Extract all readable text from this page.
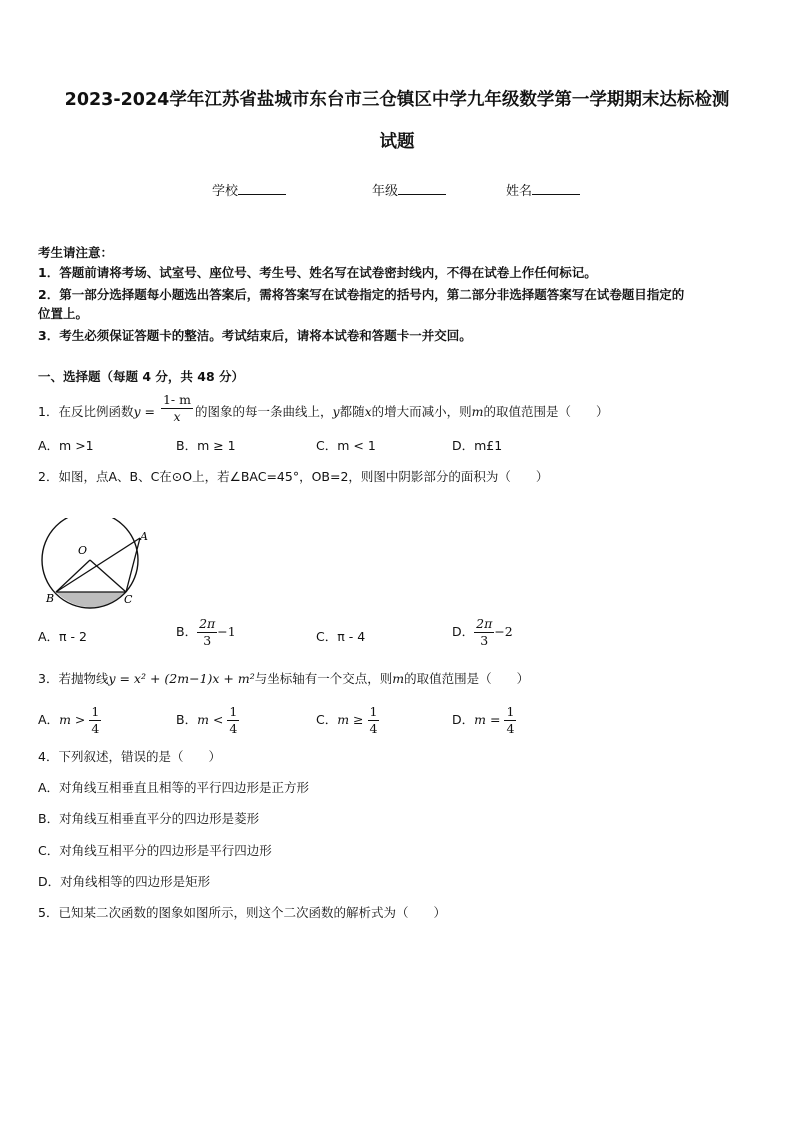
2023-2024学年江苏省盐城市东台市三仓镇区中学九年级数学第一学期期末达标检测
试题
学校	年级	姓名
考生请注意：
1．答题前请将考场、试室号、座位号、考生号、姓名写在试卷密封线内，不得在试卷上作任何标记。
2．第一部分选择题每小题选出答案后，需将答案写在试卷指定的括号内，第二部分非选择题答案写在试卷题目指定的
位置上。
3．考生必须保证答题卡的整洁。考试结束后，请将本试卷和答题卡一并交回。
一、选择题（每题 4 分，共 48 分）
1．在反比例函数$y = \frac{1- m}{x}$ 的图象的每一条曲线上，y都随x的增大而减小，则m的取值范围是（　　）
A．m >1	B．m ≥ 1	C．m < 1	D．m£1
2．如图，点A、B、C在⊙O上，若∠BAC=45°，OB=2，则图中阴影部分的面积为（　　）
O
A
B	C
A．π - 2	B． $\frac{2\pi}{3} -1$	C．π - 4	D． $\frac{2\pi}{3} -2$
3．若抛物线y = x² + (2m−1)x + m²与坐标轴有一个交点，则m的取值范围是（　　）
A．$m > \frac{1}{4}$	B．$m < \frac{1}{4}$	C．$m \ge \frac{1}{4}$	D．$m = \frac{1}{4}$
4．下列叙述，错误的是（　　）
A．对角线互相垂直且相等的平行四边形是正方形
B．对角线互相垂直平分的四边形是菱形
C．对角线互相平分的四边形是平行四边形
D．对角线相等的四边形是矩形
5．已知某二次函数的图象如图所示，则这个二次函数的解析式为（　　）
